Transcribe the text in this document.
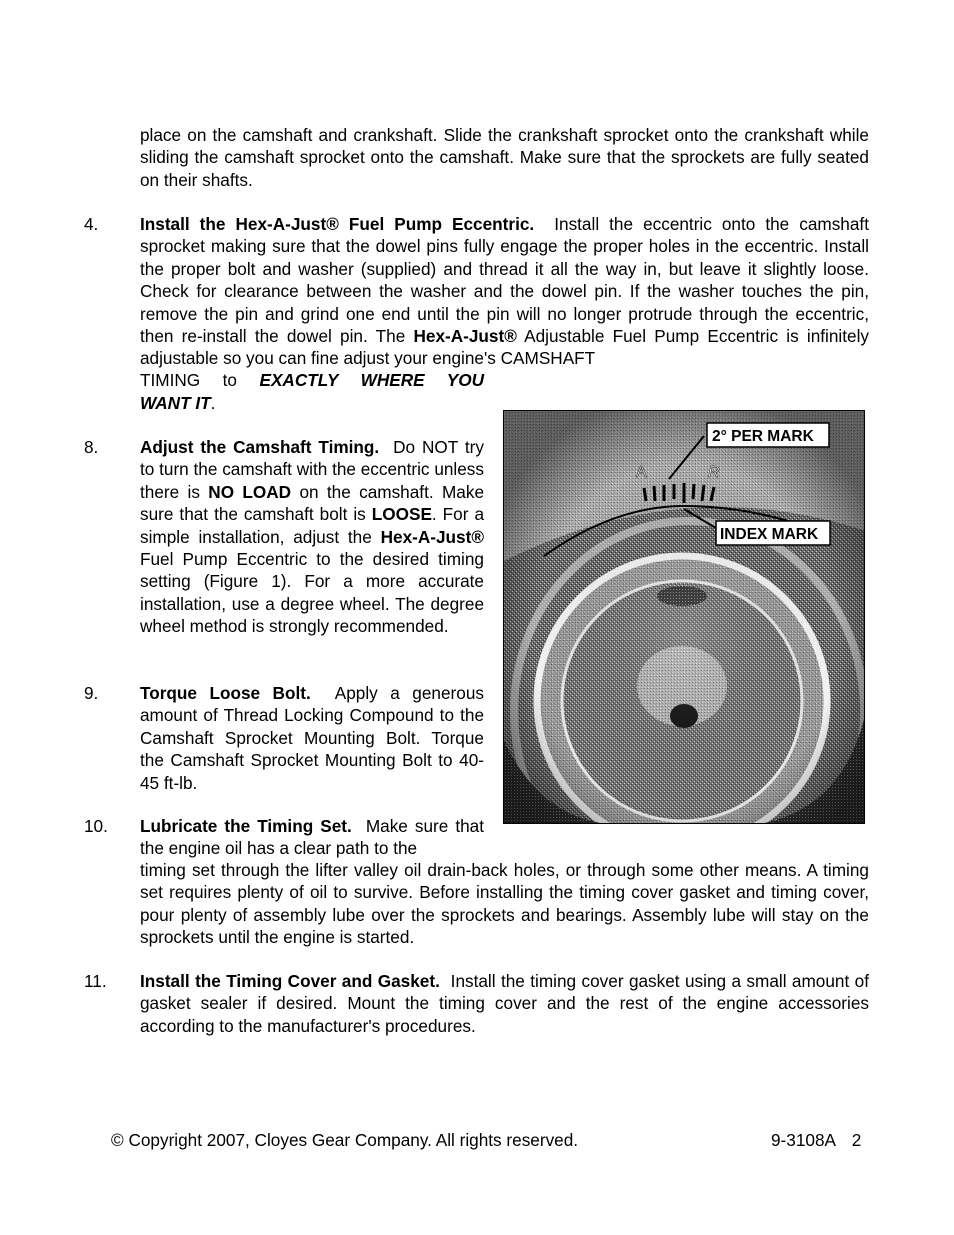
place on the camshaft and crankshaft. Slide the crankshaft sprocket onto the crankshaft while sliding the camshaft sprocket onto the camshaft. Make sure that the sprockets are fully seated on their shafts.

4. Install the Hex-A-Just® Fuel Pump Eccentric. Install the eccentric onto the camshaft sprocket making sure that the dowel pins fully engage the proper holes in the eccentric. Install the proper bolt and washer (supplied) and thread it all the way in, but leave it slightly loose. Check for clearance between the washer and the dowel pin. If the washer touches the pin, remove the pin and grind one end until the pin will no longer protrude through the eccentric, then re-install the dowel pin. The Hex-A-Just® Adjustable Fuel Pump Eccentric is infinitely adjustable so you can fine adjust your engine's CAMSHAFT

TIMING to EXACTLY WHERE YOU

WANT IT.

8. Adjust the Camshaft Timing. Do NOT try to turn the camshaft with the eccentric unless there is NO LOAD on the camshaft. Make sure that the camshaft bolt is LOOSE. For a simple installation, adjust the Hex-A-Just® Fuel Pump Eccentric to the desired timing setting (Figure 1). For a more accurate installation, use a degree wheel. The degree wheel method is strongly recommended.

9. Torque Loose Bolt. Apply a generous amount of Thread Locking Compound to the Camshaft Sprocket Mounting Bolt. Torque the Camshaft Sprocket Mounting Bolt to 40-45 ft-lb.

10. Lubricate the Timing Set. Make sure that the engine oil has a clear path to the

timing set through the lifter valley oil drain-back holes, or through some other means. A timing set requires plenty of oil to survive. Before installing the timing cover gasket and timing cover, pour plenty of assembly lube over the sprockets and bearings. Assembly lube will stay on the sprockets until the engine is started.

11. Install the Timing Cover and Gasket. Install the timing cover gasket using a small amount of gasket sealer if desired. Mount the timing cover and the rest of the engine accessories according to the manufacturer's procedures.

A	R
2° PER MARK
INDEX MARK

© Copyright 2007, Cloyes Gear Company. All rights reserved.	9-3108A 2
